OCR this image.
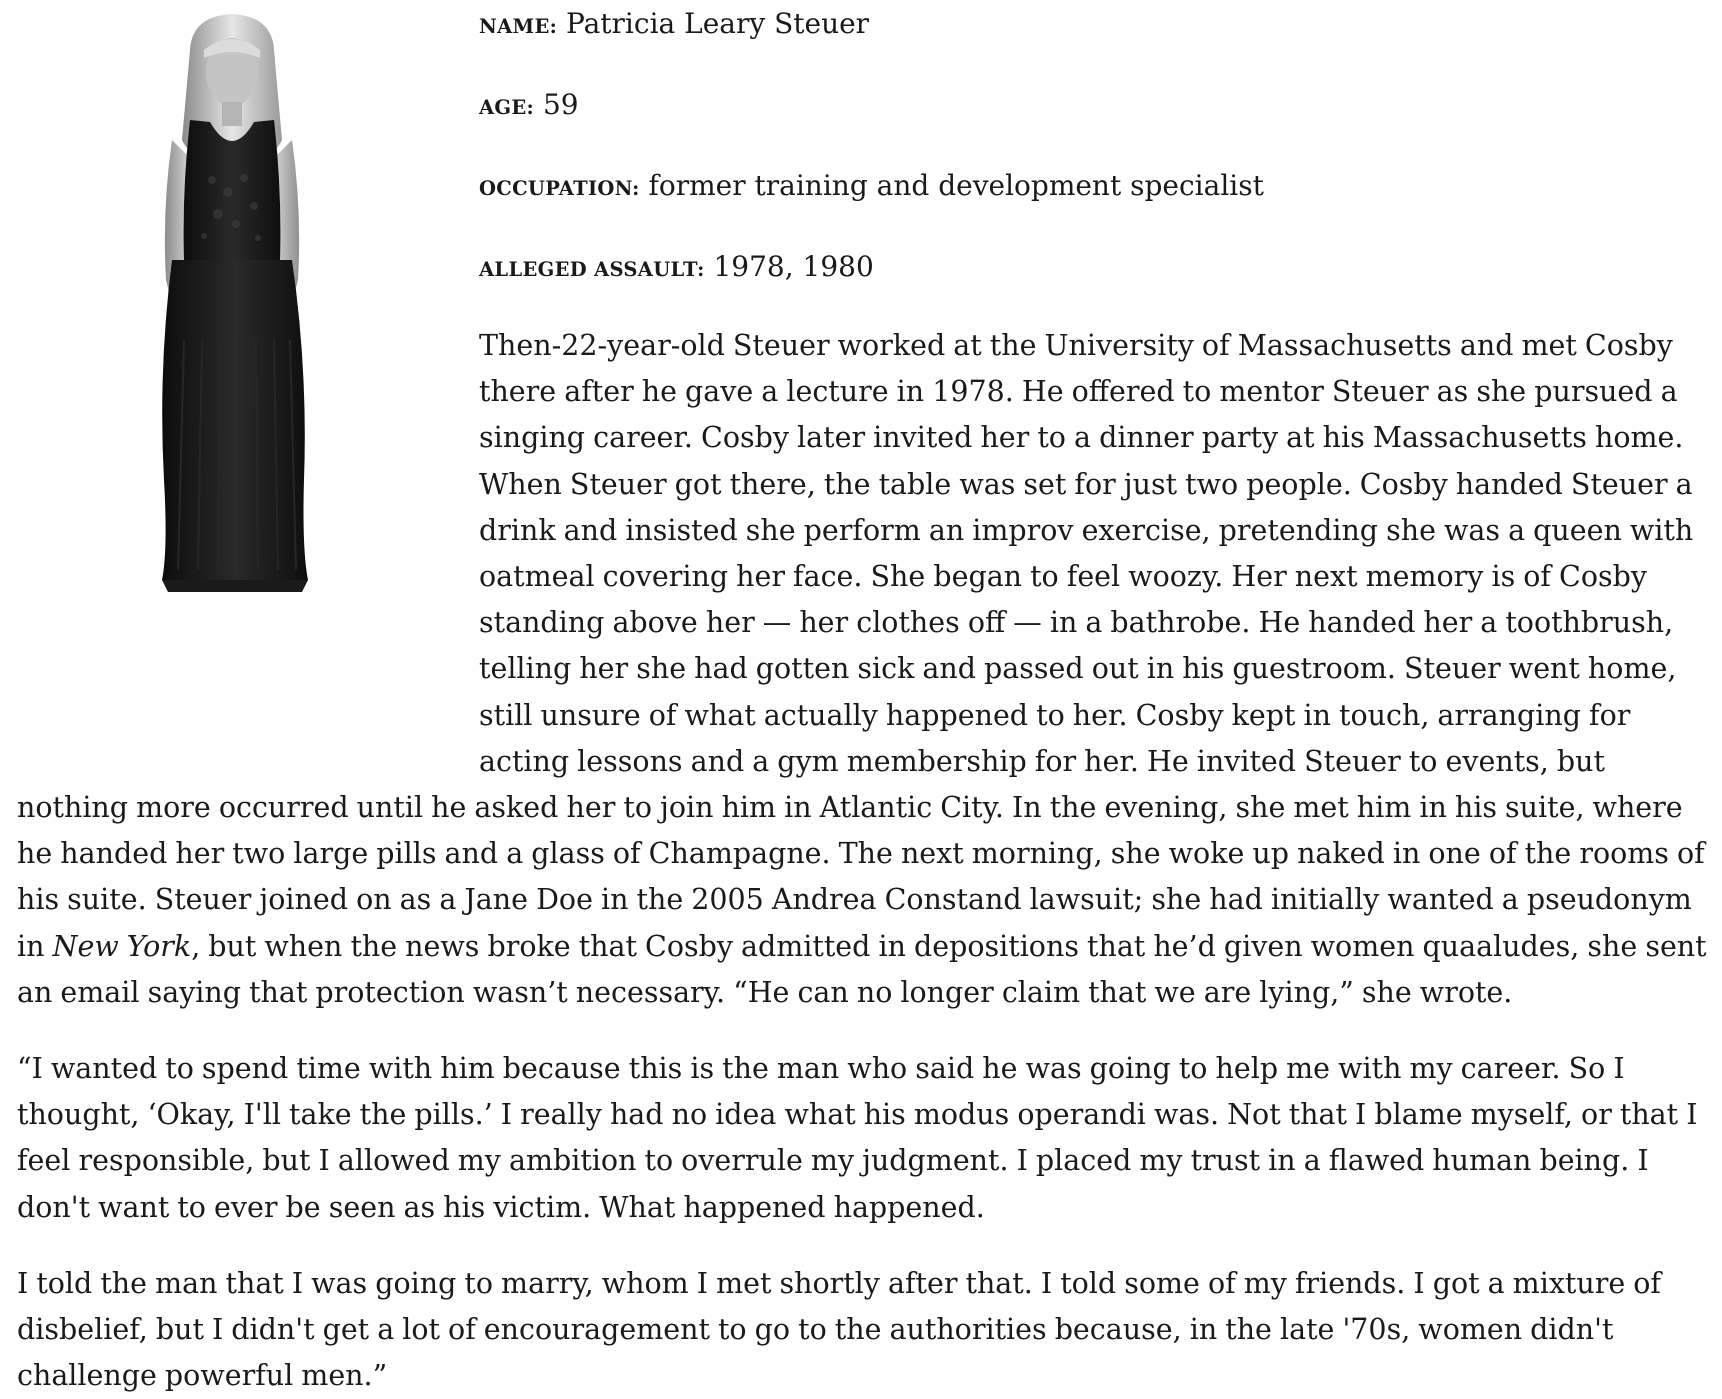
NAME: Patricia Leary Steuer

AGE: 59

OCCUPATION: former training and development specialist

ALLEGED ASSAULT: 1978, 1980

Then-22-year-old Steuer worked at the University of Massachusetts and met Cosby there after he gave a lecture in 1978. He offered to mentor Steuer as she pursued a singing career. Cosby later invited her to a dinner party at his Massachusetts home. When Steuer got there, the table was set for just two people. Cosby handed Steuer a drink and insisted she perform an improv exercise, pretending she was a queen with oatmeal covering her face. She began to feel woozy. Her next memory is of Cosby standing above her — her clothes off — in a bathrobe. He handed her a toothbrush, telling her she had gotten sick and passed out in his guestroom. Steuer went home, still unsure of what actually happened to her. Cosby kept in touch, arranging for acting lessons and a gym membership for her. He invited Steuer to events, but nothing more occurred until he asked her to join him in Atlantic City. In the evening, she met him in his suite, where he handed her two large pills and a glass of Champagne. The next morning, she woke up naked in one of the rooms of his suite. Steuer joined on as a Jane Doe in the 2005 Andrea Constand lawsuit; she had initially wanted a pseudonym in New York, but when the news broke that Cosby admitted in depositions that he’d given women quaaludes, she sent an email saying that protection wasn’t necessary. “He can no longer claim that we are lying,” she wrote.

“I wanted to spend time with him because this is the man who said he was going to help me with my career. So I thought, ‘Okay, I'll take the pills.’ I really had no idea what his modus operandi was. Not that I blame myself, or that I feel responsible, but I allowed my ambition to overrule my judgment. I placed my trust in a flawed human being. I don't want to ever be seen as his victim. What happened happened.

I told the man that I was going to marry, whom I met shortly after that. I told some of my friends. I got a mixture of disbelief, but I didn't get a lot of encouragement to go to the authorities because, in the late '70s, women didn't challenge powerful men.”
